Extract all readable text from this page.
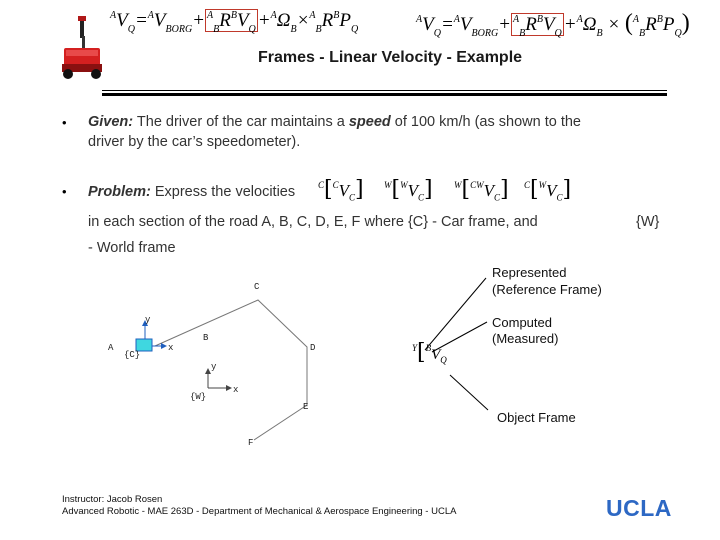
$^AV_Q=^AV_{BORG}+ ^A_BR^BV_Q +^A\Omega_B\times^A_BR^BP_Q$
$^AV_Q=^AV_{BORG}+ ^A_BR^BV_Q +^A\Omega_B \times (^A_BR^BP_Q)$
Frames - Linear Velocity - Example
• Given: The driver of the car maintains a speed of 100 km/h (as shown to the
driver by the car’s speedometer).
• Problem: Express the velocities	$^C[^CV_C]$ $^W[^WV_C]$ $^W[^{CW}V_C]$ $^C[^WV_C]$
in each section of the road A, B, C, D, E, F where {C} - Car frame, and	{W}
- World frame
C
D
E
F
A
B
{C}
y
x
{W}
y
x
$^Y[^BV_Q$
Represented
(Reference Frame)
Computed
(Measured)
Object Frame
Instructor: Jacob Rosen
Advanced Robotic - MAE 263D - Department of Mechanical & Aerospace Engineering - UCLA	UCLA
